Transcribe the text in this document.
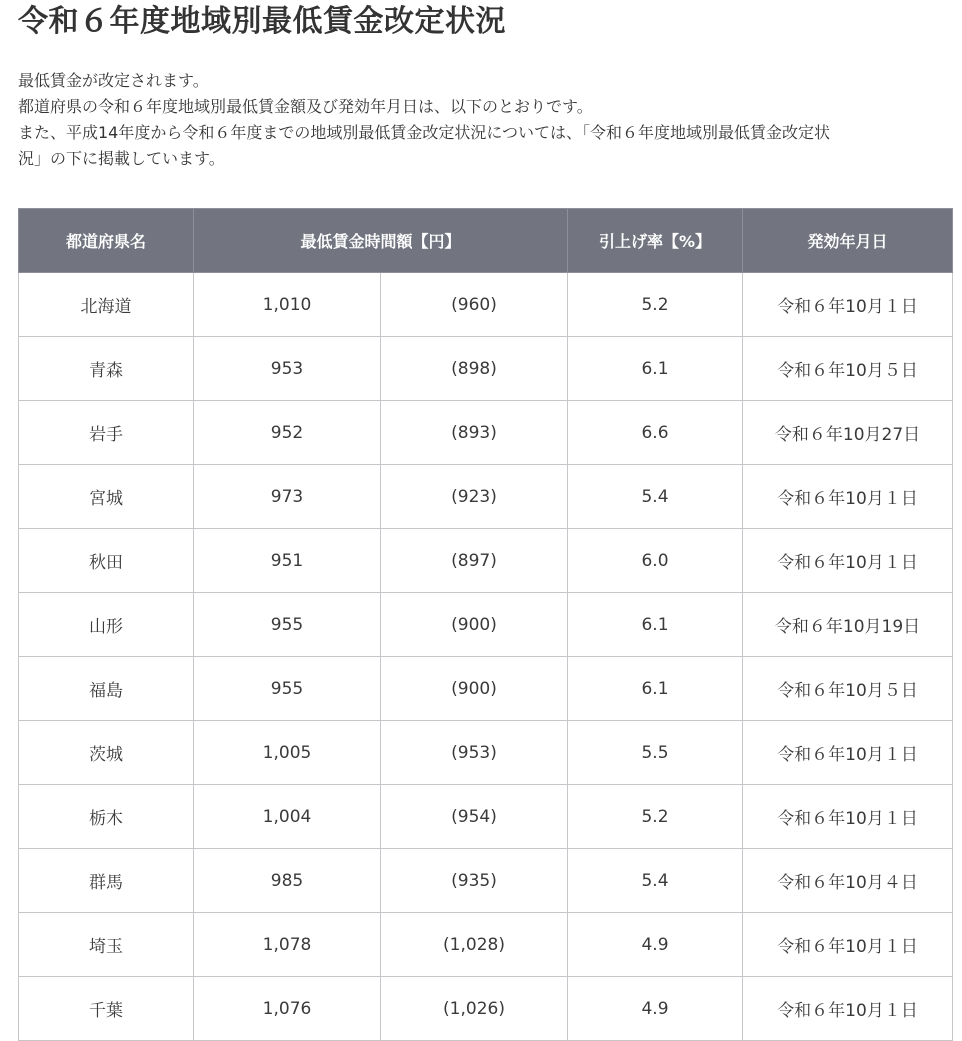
令和６年度地域別最低賃金改定状況

最低賃金が改定されます。

都道府県の令和６年度地域別最低賃金額及び発効年月日は、以下のとおりです。

また、平成14年度から令和６年度までの地域別最低賃金改定状況については、「令和６年度地域別最低賃金改定状

況」の下に掲載しています。

都道府県名	最低賃金時間額【円】		引上げ率【%】	発効年月日
北海道	1,010	(960)	5.2	令和６年10月１日
青森	953	(898)	6.1	令和６年10月５日
岩手	952	(893)	6.6	令和６年10月27日
宮城	973	(923)	5.4	令和６年10月１日
秋田	951	(897)	6.0	令和６年10月１日
山形	955	(900)	6.1	令和６年10月19日
福島	955	(900)	6.1	令和６年10月５日
茨城	1,005	(953)	5.5	令和６年10月１日
栃木	1,004	(954)	5.2	令和６年10月１日
群馬	985	(935)	5.4	令和６年10月４日
埼玉	1,078	(1,028)	4.9	令和６年10月１日
千葉	1,076	(1,026)	4.9	令和６年10月１日
